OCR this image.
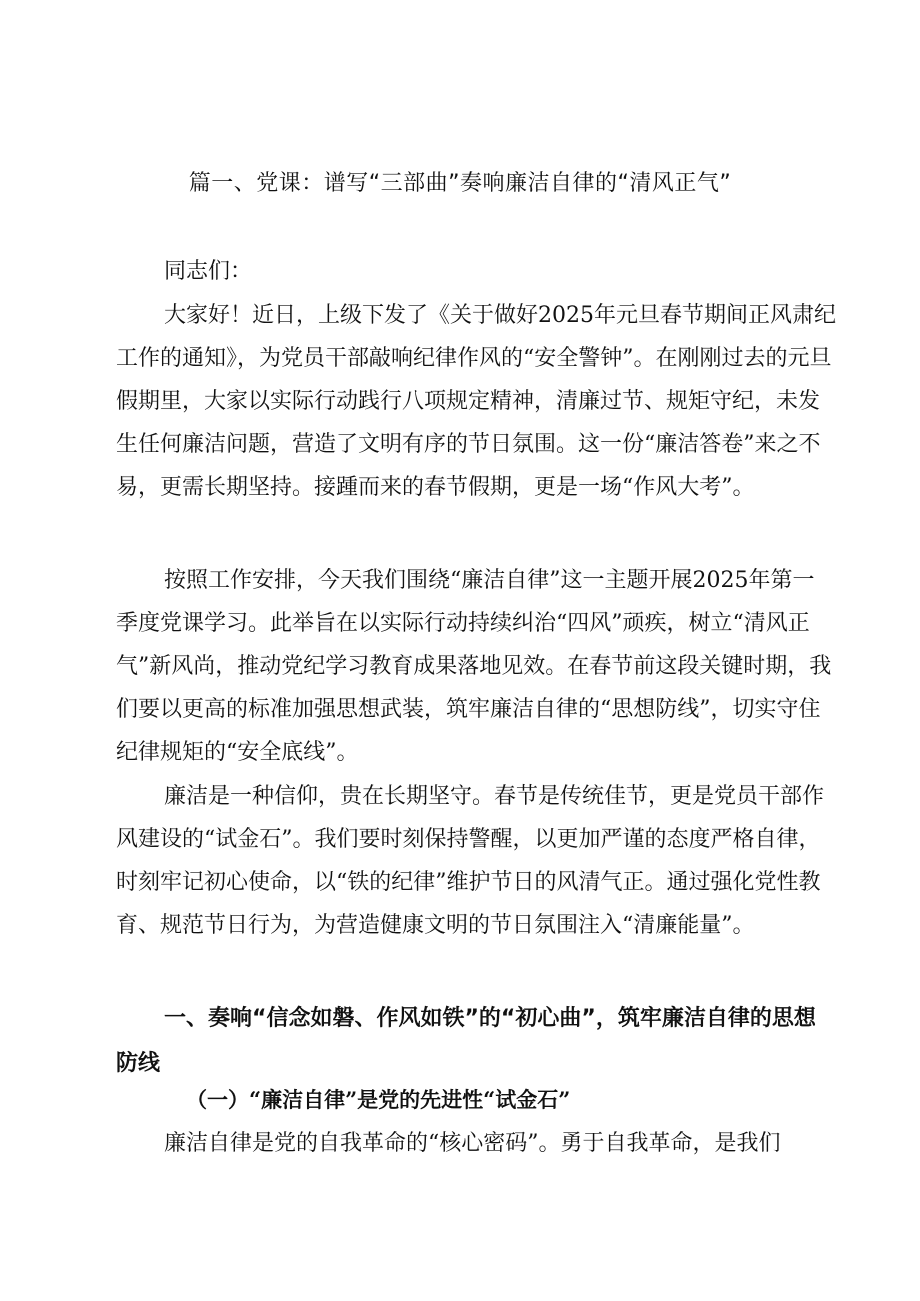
篇一、党课：谱写“三部曲”奏响廉洁自律的“清风正气”

同志们：

大家好！近日，上级下发了《关于做好2025年元旦春节期间正风肃纪工作的通知》，为党员干部敲响纪律作风的“安全警钟”。在刚刚过去的元旦假期里，大家以实际行动践行八项规定精神，清廉过节、规矩守纪，未发生任何廉洁问题，营造了文明有序的节日氛围。这一份“廉洁答卷”来之不易，更需长期坚持。接踵而来的春节假期，更是一场“作风大考”。

按照工作安排，今天我们围绕“廉洁自律”这一主题开展2025年第一季度党课学习。此举旨在以实际行动持续纠治“四风”顽疾，树立“清风正气”新风尚，推动党纪学习教育成果落地见效。在春节前这段关键时期，我们要以更高的标准加强思想武装，筑牢廉洁自律的“思想防线”，切实守住纪律规矩的“安全底线”。

廉洁是一种信仰，贵在长期坚守。春节是传统佳节，更是党员干部作风建设的“试金石”。我们要时刻保持警醒，以更加严谨的态度严格自律，时刻牢记初心使命，以“铁的纪律”维护节日的风清气正。通过强化党性教育、规范节日行为，为营造健康文明的节日氛围注入“清廉能量”。

一、奏响“信念如磐、作风如铁”的“初心曲”，筑牢廉洁自律的思想防线
（一）“廉洁自律”是党的先进性“试金石”

廉洁自律是党的自我革命的“核心密码”。勇于自我革命，是我们
